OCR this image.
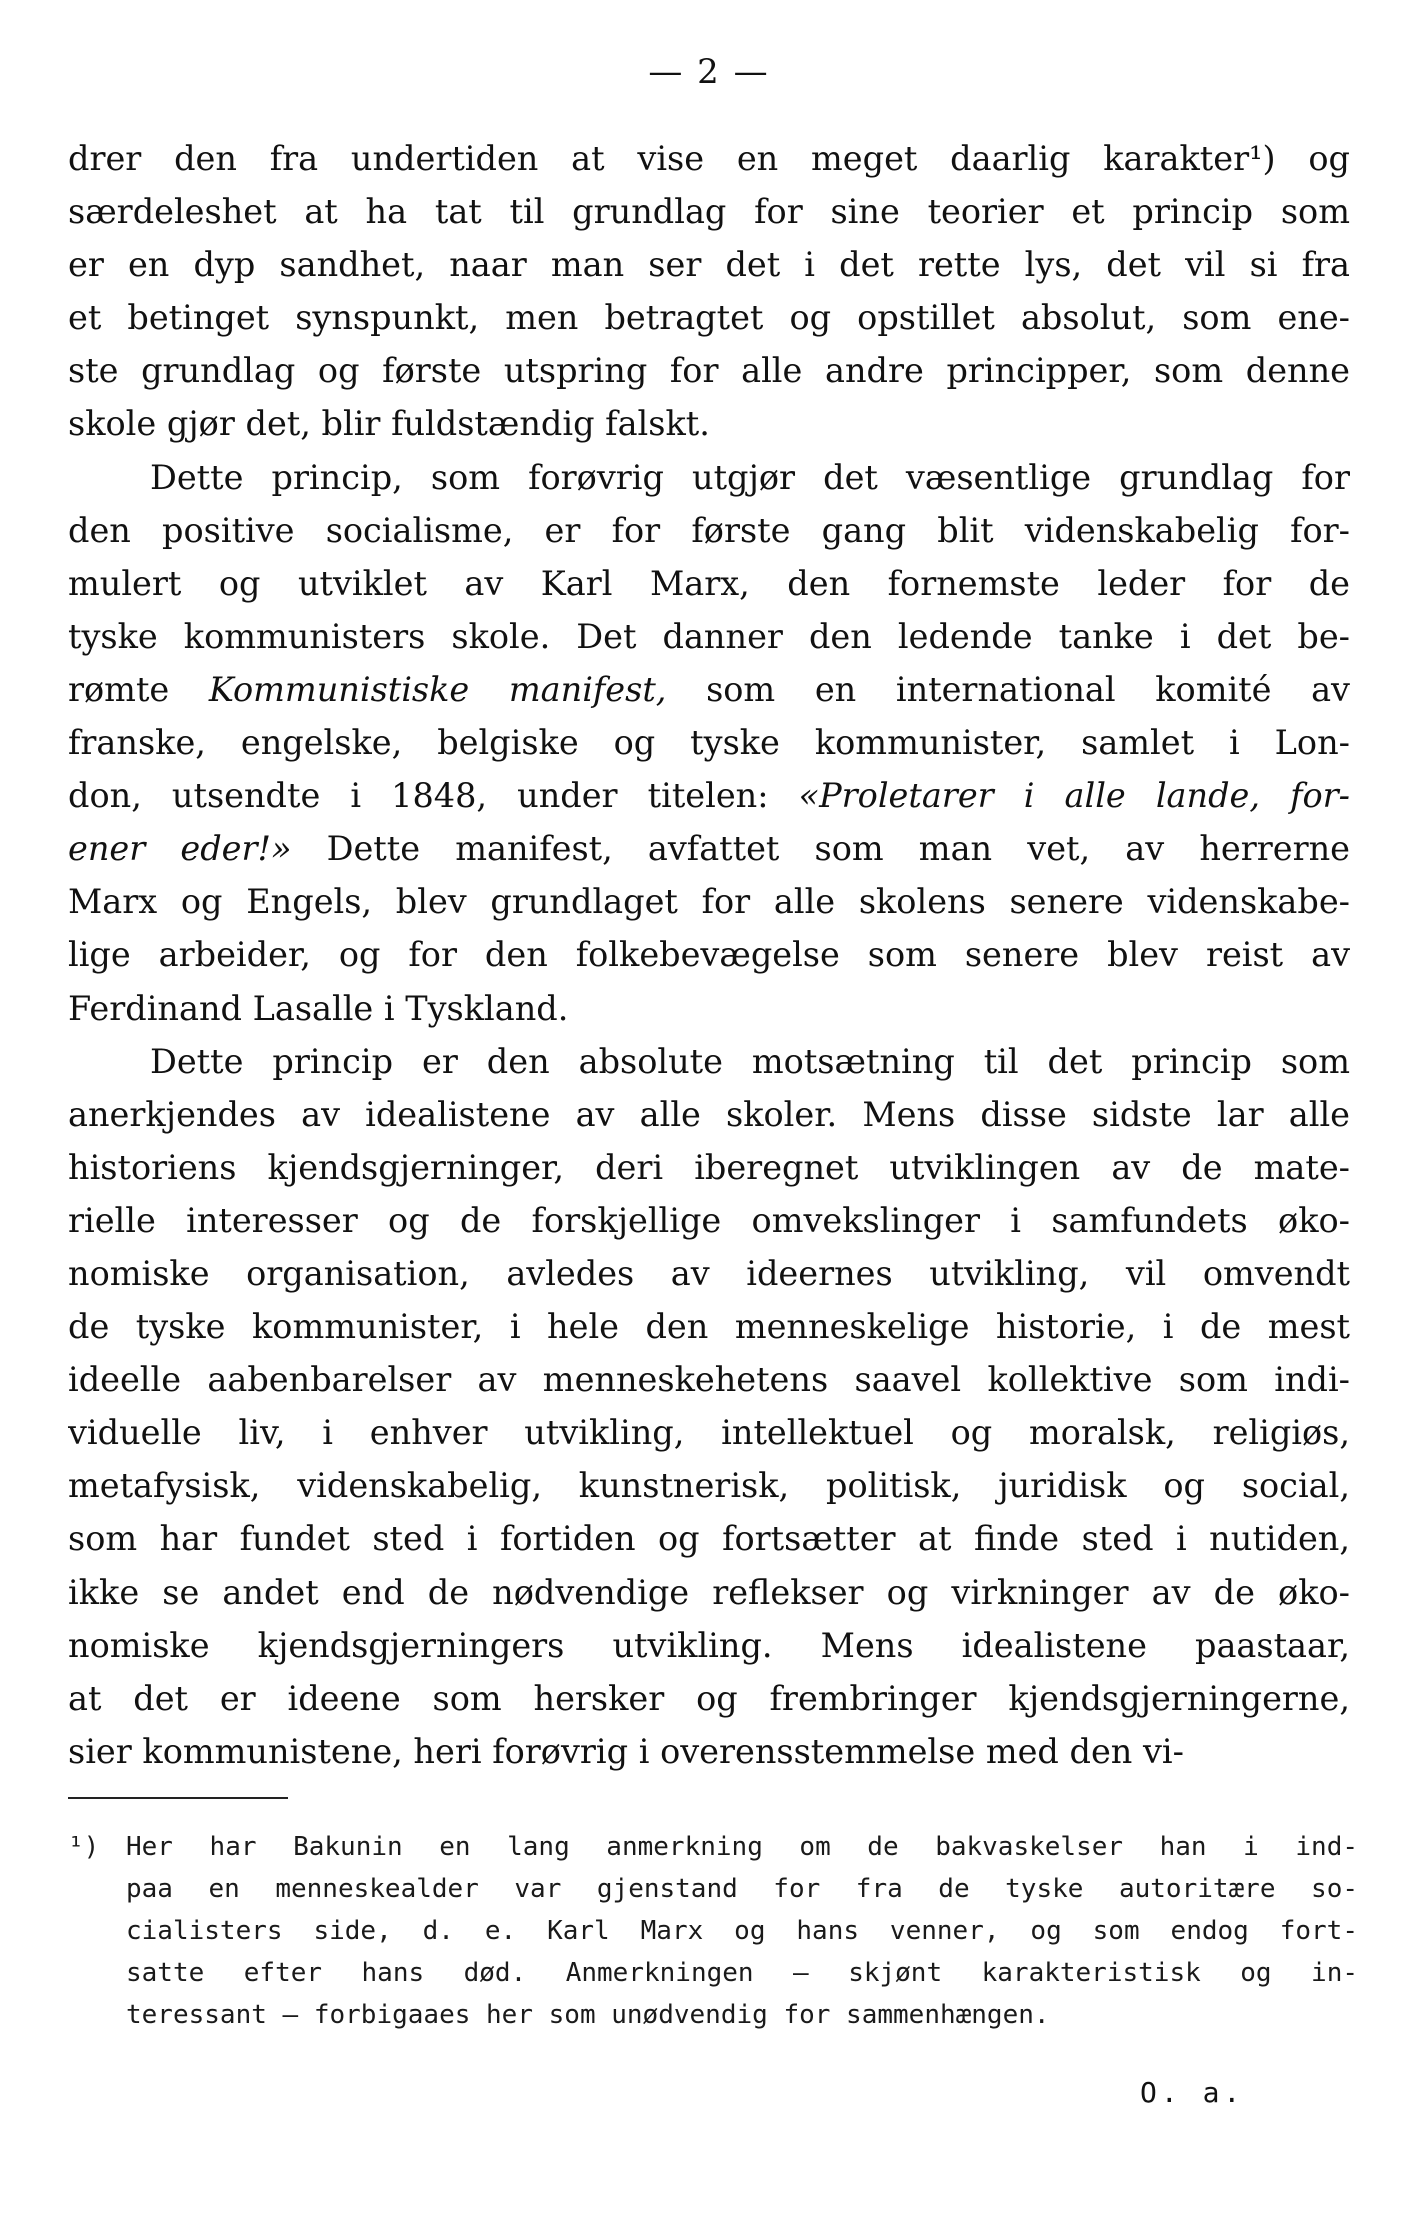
— 2 —

drer den fra undertiden at vise en meget daarlig karakter¹) og
særdeleshet at ha tat til grundlag for sine teorier et princip som
er en dyp sandhet, naar man ser det i det rette lys, det vil si fra
et betinget synspunkt, men betragtet og opstillet absolut, som ene-
ste grundlag og første utspring for alle andre principper, som denne
skole gjør det, blir fuldstændig falskt.

Dette princip, som forøvrig utgjør det væsentlige grundlag for
den positive socialisme, er for første gang blit videnskabelig for-
mulert og utviklet av Karl Marx, den fornemste leder for de
tyske kommunisters skole. Det danner den ledende tanke i det be-
rømte Kommunistiske manifest, som en international komité av
franske, engelske, belgiske og tyske kommunister, samlet i Lon-
don, utsendte i 1848, under titelen: «Proletarer i alle lande, for-
ener eder!» Dette manifest, avfattet som man vet, av herrerne
Marx og Engels, blev grundlaget for alle skolens senere videnskabe-
lige arbeider, og for den folkebevægelse som senere blev reist av
Ferdinand Lasalle i Tyskland.

Dette princip er den absolute motsætning til det princip som
anerkjendes av idealistene av alle skoler. Mens disse sidste lar alle
historiens kjendsgjerninger, deri iberegnet utviklingen av de mate-
rielle interesser og de forskjellige omvekslinger i samfundets øko-
nomiske organisation, avledes av ideernes utvikling, vil omvendt
de tyske kommunister, i hele den menneskelige historie, i de mest
ideelle aabenbarelser av menneskehetens saavel kollektive som indi-
viduelle liv, i enhver utvikling, intellektuel og moralsk, religiøs,
metafysisk, videnskabelig, kunstnerisk, politisk, juridisk og social,
som har fundet sted i fortiden og fortsætter at finde sted i nutiden,
ikke se andet end de nødvendige reflekser og virkninger av de øko-
nomiske kjendsgjerningers utvikling. Mens idealistene paastaar,
at det er ideene som hersker og frembringer kjendsgjerningerne,
sier kommunistene, heri forøvrig i overensstemmelse med den vi-

¹) Her har Bakunin en lang anmerkning om de bakvaskelser han i ind-
paa en menneskealder var gjenstand for fra de tyske autoritære so-
cialisters side, d. e. Karl Marx og hans venner, og som endog fort-
satte efter hans død. Anmerkningen — skjønt karakteristisk og in-
teressant — forbigaaes her som unødvendig for sammenhængen.
O. a.
